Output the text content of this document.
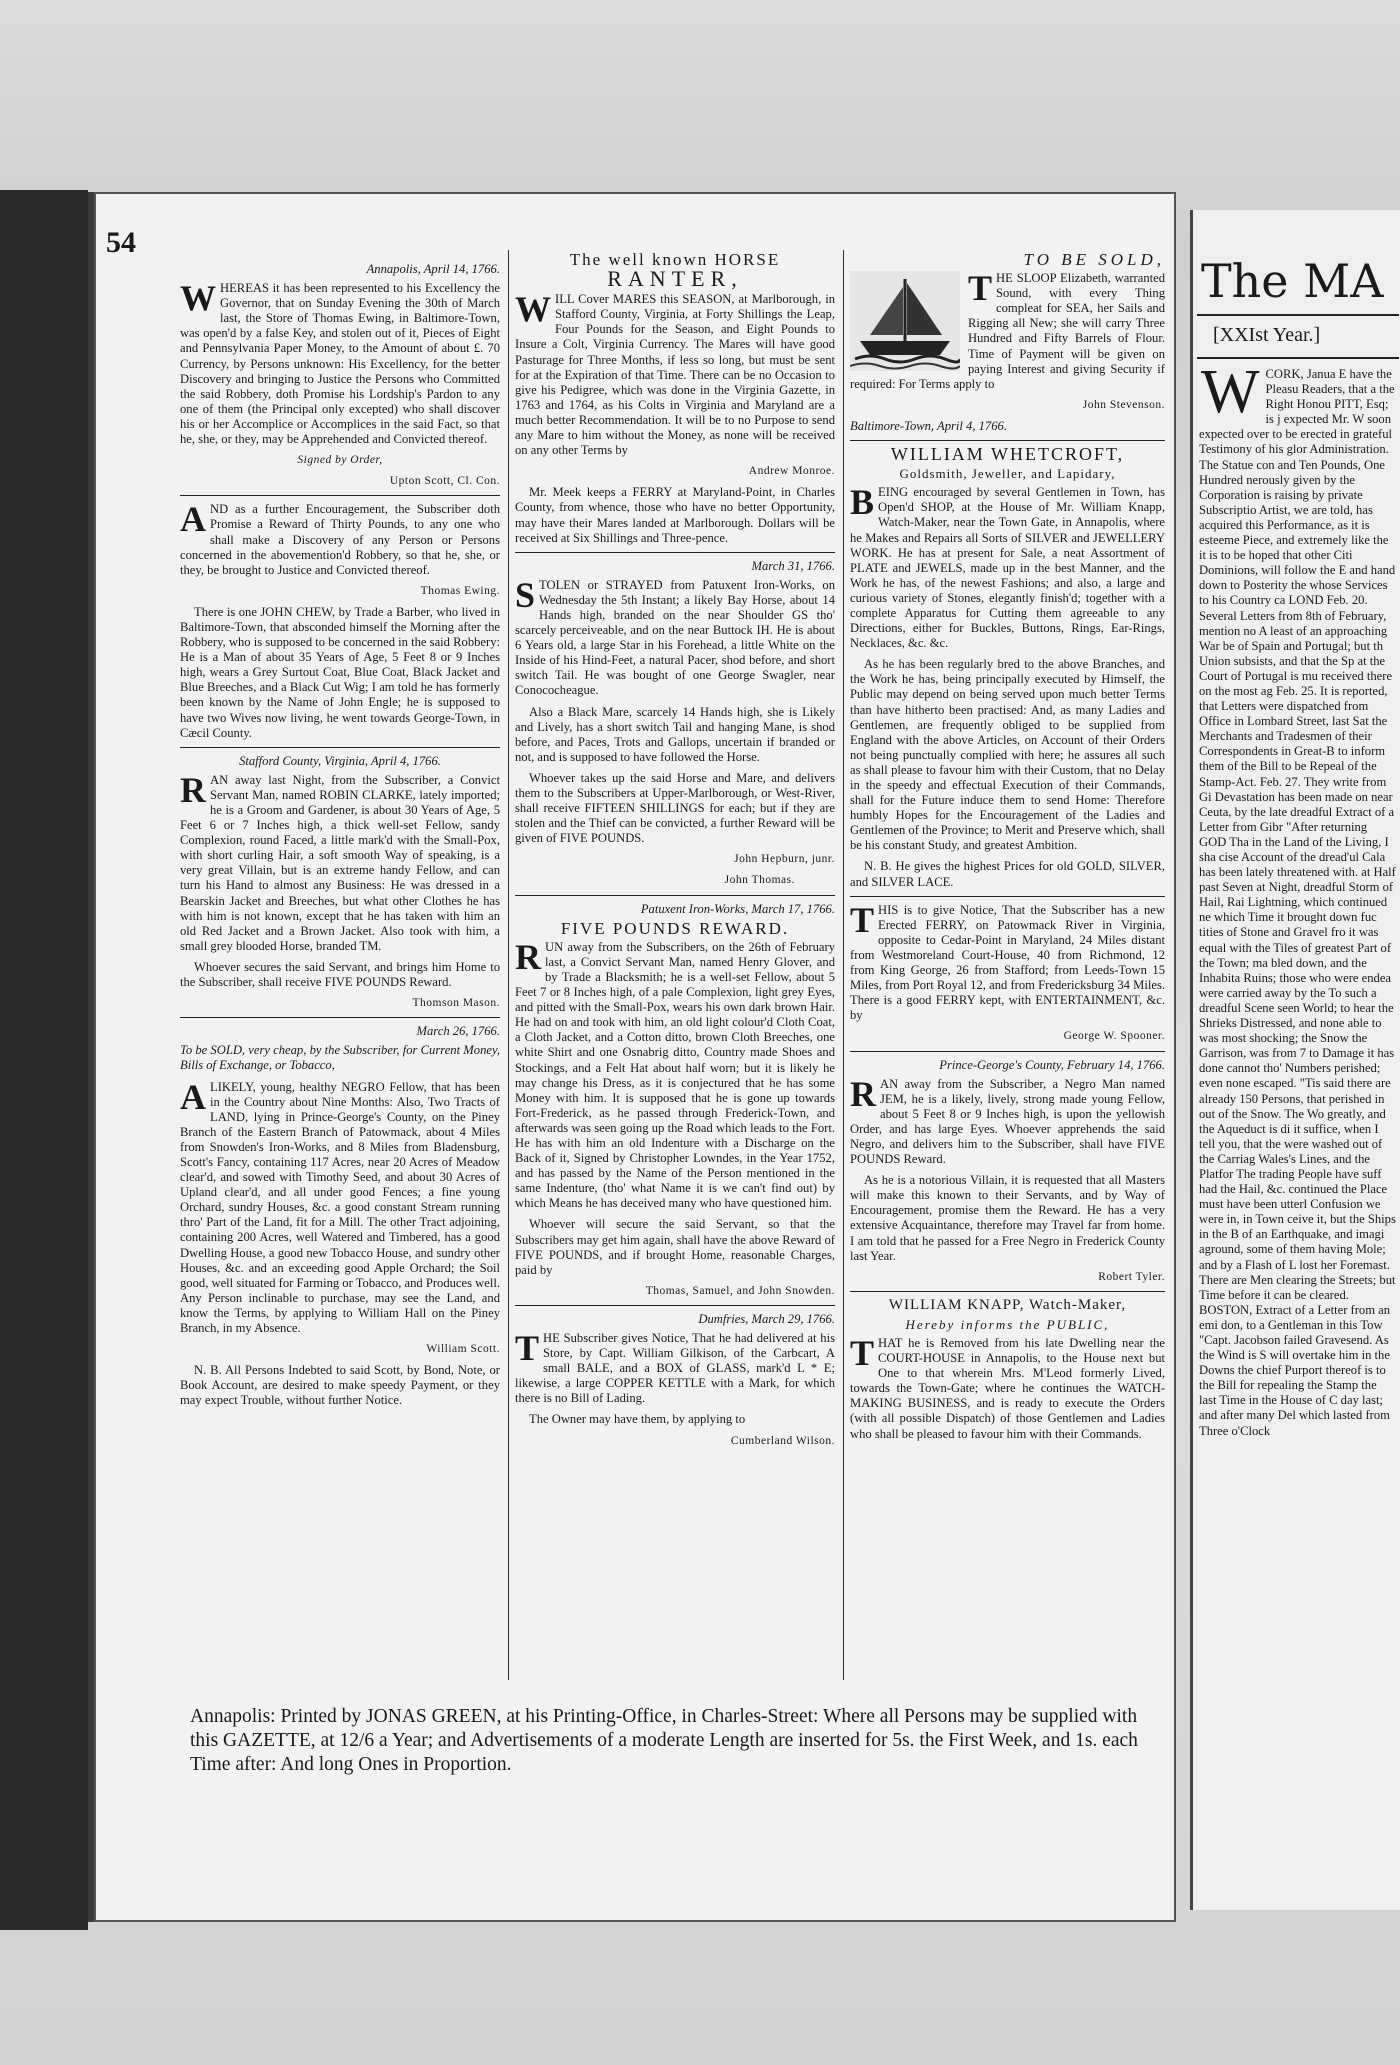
54
Annapolis, April 14, 1766.

WHEREAS it has been represented to his Excellency the Governor, that on Sunday Evening the 30th of March last, the Store of Thomas Ewing, in Baltimore-Town, was open'd by a false Key, and stolen out of it, Pieces of Eight and Pennsylvania Paper Money, to the Amount of about £. 70 Currency, by Persons unknown: His Excellency, for the better Discovery and bringing to Justice the Persons who Committed the said Robbery, doth Promise his Lordship's Pardon to any one of them (the Principal only excepted) who shall discover his or her Accomplice or Accomplices in the said Fact, so that he, she, or they, may be Apprehended and Convicted thereof.

Signed by Order,
Upton Scott, Cl. Con.

AND as a further Encouragement, the Subscriber doth Promise a Reward of Thirty Pounds, to any one who shall make a Discovery of any Person or Persons concerned in the abovemention'd Robbery, so that he, she, or they, be brought to Justice and Convicted thereof.

Thomas Ewing.

There is one JOHN CHEW, by Trade a Barber, who lived in Baltimore-Town, that absconded himself the Morning after the Robbery, who is supposed to be concerned in the said Robbery: He is a Man of about 35 Years of Age, 5 Feet 8 or 9 Inches high, wears a Grey Surtout Coat, Blue Coat, Black Jacket and Blue Breeches, and a Black Cut Wig; I am told he has formerly been known by the Name of John Engle; he is supposed to have two Wives now living, he went towards George-Town, in Cæcil County.

Stafford County, Virginia, April 4, 1766.

RAN away last Night, from the Subscriber, a Convict Servant Man, named ROBIN CLARKE, lately imported; he is a Groom and Gardener, is about 30 Years of Age, 5 Feet 6 or 7 Inches high, a thick well-set Fellow, sandy Complexion, round Faced, a little mark'd with the Small-Pox, with short curling Hair, a soft smooth Way of speaking, is a very great Villain, but is an extreme handy Fellow, and can turn his Hand to almost any Business: He was dressed in a Bearskin Jacket and Breeches, but what other Clothes he has with him is not known, except that he has taken with him an old Red Jacket and a Brown Jacket. Also took with him, a small grey blooded Horse, branded TM.

Whoever secures the said Servant, and brings him Home to the Subscriber, shall receive FIVE POUNDS Reward.

Thomson Mason.
March 26, 1766.

To be SOLD, very cheap, by the Subscriber, for Current Money, Bills of Exchange, or Tobacco,

ALIKELY, young, healthy NEGRO Fellow, that has been in the Country about Nine Months: Also, Two Tracts of LAND, lying in Prince-George's County, on the Piney Branch of the Eastern Branch of Patowmack, about 4 Miles from Snowden's Iron-Works, and 8 Miles from Bladensburg, Scott's Fancy, containing 117 Acres, near 20 Acres of Meadow clear'd, and sowed with Timothy Seed, and about 30 Acres of Upland clear'd, and all under good Fences; a fine young Orchard, sundry Houses, &c. a good constant Stream running thro' Part of the Land, fit for a Mill. The other Tract adjoining, containing 200 Acres, well Watered and Timbered, has a good Dwelling House, a good new Tobacco House, and sundry other Houses, &c. and an exceeding good Apple Orchard; the Soil good, well situated for Farming or Tobacco, and Produces well. Any Person inclinable to purchase, may see the Land, and know the Terms, by applying to William Hall on the Piney Branch, in my Absence.

William Scott.

N. B. All Persons Indebted to said Scott, by Bond, Note, or Book Account, are desired to make speedy Payment, or they may expect Trouble, without further Notice.

The well known HORSE
RANTER,

WILL Cover MARES this SEASON, at Marlborough, in Stafford County, Virginia, at Forty Shillings the Leap, Four Pounds for the Season, and Eight Pounds to Insure a Colt, Virginia Currency. The Mares will have good Pasturage for Three Months, if less so long, but must be sent for at the Expiration of that Time. There can be no Occasion to give his Pedigree, which was done in the Virginia Gazette, in 1763 and 1764, as his Colts in Virginia and Maryland are a much better Recommendation. It will be to no Purpose to send any Mare to him without the Money, as none will be received on any other Terms by

Andrew Monroe.

Mr. Meek keeps a FERRY at Maryland-Point, in Charles County, from whence, those who have no better Opportunity, may have their Mares landed at Marlborough. Dollars will be received at Six Shillings and Three-pence.

March 31, 1766.

STOLEN or STRAYED from Patuxent Iron-Works, on Wednesday the 5th Instant; a likely Bay Horse, about 14 Hands high, branded on the near Shoulder GS tho' scarcely perceiveable, and on the near Buttock IH. He is about 6 Years old, a large Star in his Forehead, a little White on the Inside of his Hind-Feet, a natural Pacer, shod before, and short switch Tail. He was bought of one George Swagler, near Conococheague.

Also a Black Mare, scarcely 14 Hands high, she is Likely and Lively, has a short switch Tail and hanging Mane, is shod before, and Paces, Trots and Gallops, uncertain if branded or not, and is supposed to have followed the Horse.

Whoever takes up the said Horse and Mare, and delivers them to the Subscribers at Upper-Marlborough, or West-River, shall receive FIFTEEN SHILLINGS for each; but if they are stolen and the Thief can be convicted, a further Reward will be given of FIVE POUNDS.

John Hepburn, junr.
John Thomas.
Patuxent Iron-Works, March 17, 1766.
FIVE POUNDS REWARD.

RUN away from the Subscribers, on the 26th of February last, a Convict Servant Man, named Henry Glover, and by Trade a Blacksmith; he is a well-set Fellow, about 5 Feet 7 or 8 Inches high, of a pale Complexion, light grey Eyes, and pitted with the Small-Pox, wears his own dark brown Hair. He had on and took with him, an old light colour'd Cloth Coat, a Cloth Jacket, and a Cotton ditto, brown Cloth Breeches, one white Shirt and one Osnabrig ditto, Country made Shoes and Stockings, and a Felt Hat about half worn; but it is likely he may change his Dress, as it is conjectured that he has some Money with him. It is supposed that he is gone up towards Fort-Frederick, as he passed through Frederick-Town, and afterwards was seen going up the Road which leads to the Fort. He has with him an old Indenture with a Discharge on the Back of it, Signed by Christopher Lowndes, in the Year 1752, and has passed by the Name of the Person mentioned in the same Indenture, (tho' what Name it is we can't find out) by which Means he has deceived many who have questioned him.

Whoever will secure the said Servant, so that the Subscribers may get him again, shall have the above Reward of FIVE POUNDS, and if brought Home, reasonable Charges, paid by

Thomas, Samuel, and John Snowden.
Dumfries, March 29, 1766.

THE Subscriber gives Notice, That he had delivered at his Store, by Capt. William Gilkison, of the Carbcart, A small BALE, and a BOX of GLASS, mark'd L * E; likewise, a large COPPER KETTLE with a Mark, for which there is no Bill of Lading.

The Owner may have them, by applying to

Cumberland Wilson.
TO BE SOLD,

THE SLOOP Elizabeth, warranted Sound, with every Thing compleat for SEA, her Sails and Rigging all New; she will carry Three Hundred and Fifty Barrels of Flour. Time of Payment will be given on paying Interest and giving Security if required: For Terms apply to

John Stevenson.

Baltimore-Town, April 4, 1766.

WILLIAM WHETCROFT,
Goldsmith, Jeweller, and Lapidary,

BEING encouraged by several Gentlemen in Town, has Open'd SHOP, at the House of Mr. William Knapp, Watch-Maker, near the Town Gate, in Annapolis, where he Makes and Repairs all Sorts of SILVER and JEWELLERY WORK. He has at present for Sale, a neat Assortment of PLATE and JEWELS, made up in the best Manner, and the Work he has, of the newest Fashions; and also, a large and curious variety of Stones, elegantly finish'd; together with a complete Apparatus for Cutting them agreeable to any Directions, either for Buckles, Buttons, Rings, Ear-Rings, Necklaces, &c. &c.

As he has been regularly bred to the above Branches, and the Work he has, being principally executed by Himself, the Public may depend on being served upon much better Terms than have hitherto been practised: And, as many Ladies and Gentlemen, are frequently obliged to be supplied from England with the above Articles, on Account of their Orders not being punctually complied with here; he assures all such as shall please to favour him with their Custom, that no Delay in the speedy and effectual Execution of their Commands, shall for the Future induce them to send Home: Therefore humbly Hopes for the Encouragement of the Ladies and Gentlemen of the Province; to Merit and Preserve which, shall be his constant Study, and greatest Ambition.

N. B. He gives the highest Prices for old GOLD, SILVER, and SILVER LACE.

THIS is to give Notice, That the Subscriber has a new Erected FERRY, on Patowmack River in Virginia, opposite to Cedar-Point in Maryland, 24 Miles distant from Westmoreland Court-House, 40 from Richmond, 12 from King George, 26 from Stafford; from Leeds-Town 15 Miles, from Port Royal 12, and from Fredericksburg 34 Miles. There is a good FERRY kept, with ENTERTAINMENT, &c. by

George W. Spooner.
Prince-George's County, February 14, 1766.

RAN away from the Subscriber, a Negro Man named JEM, he is a likely, lively, strong made young Fellow, about 5 Feet 8 or 9 Inches high, is upon the yellowish Order, and has large Eyes. Whoever apprehends the said Negro, and delivers him to the Subscriber, shall have FIVE POUNDS Reward.

As he is a notorious Villain, it is requested that all Masters will make this known to their Servants, and by Way of Encouragement, promise them the Reward. He has a very extensive Acquaintance, therefore may Travel far from home. I am told that he passed for a Free Negro in Frederick County last Year.

Robert Tyler.
WILLIAM KNAPP, Watch-Maker,
Hereby informs the PUBLIC,

THAT he is Removed from his late Dwelling near the COURT-HOUSE in Annapolis, to the House next but One to that wherein Mrs. M'Leod formerly Lived, towards the Town-Gate; where he continues the WATCH-MAKING BUSINESS, and is ready to execute the Orders (with all possible Dispatch) of those Gentlemen and Ladies who shall be pleased to favour him with their Commands.

Annapolis: Printed by JONAS GREEN, at his Printing-Office, in Charles-Street: Where all Persons may be supplied with this GAZETTE, at 12/6 a Year; and Advertisements of a moderate Length are inserted for 5s. the First Week, and 1s. each Time after: And long Ones in Proportion.
The MA
[XXIst Year.]
WCORK, Janua E have the Pleasu Readers, that a the Right Honou PITT, Esq; is j expected Mr. W soon expected over to be erected in grateful Testimony of his glor Administration. The Statue con and Ten Pounds, One Hundred nerously given by the Corporation is raising by private Subscriptio Artist, we are told, has acquired this Performance, as it is esteeme Piece, and extremely like the it is to be hoped that other Citi Dominions, will follow the E and hand down to Posterity the whose Services to his Country ca LOND Feb. 20. Several Letters from 8th of February, mention no A least of an approaching War be of Spain and Portugal; but th Union subsists, and that the Sp at the Court of Portugal is mu received there on the most ag Feb. 25. It is reported, that Letters were dispatched from Office in Lombard Street, last Sat the Merchants and Tradesmen of their Correspondents in Great-B to inform them of the Bill to be Repeal of the Stamp-Act. Feb. 27. They write from Gi Devastation has been made on near Ceuta, by the late dreadful Extract of a Letter from Gibr "After returning GOD Tha in the Land of the Living, I sha cise Account of the dread'ul Cala has been lately threatened with. at Half past Seven at Night, dreadful Storm of Hail, Rai Lightning, which continued ne which Time it brought down fuc tities of Stone and Gravel fro it was equal with the Tiles of greatest Part of the Town; ma bled down, and the Inhabita Ruins; those who were endea were carried away by the To such a dreadful Scene seen World; to hear the Shrieks Distressed, and none able to was most shocking; the Snow the Garrison, was from 7 to Damage it has done cannot tho' Numbers perished; even none escaped. "Tis said there are already 150 Persons, that perished in out of the Snow. The Wo greatly, and the Aqueduct is di it suffice, when I tell you, that the were washed out of the Carriag Wales's Lines, and the Platfor The trading People have suff had the Hail, &c. continued the Place must have been utterl Confusion we were in, in Town ceive it, but the Ships in the B of an Earthquake, and imagi aground, some of them having Mole; and by a Flash of L lost her Foremast. There are Men clearing the Streets; but Time before it can be cleared. BOSTON, Extract of a Letter from an emi don, to a Gentleman in this Tow "Capt. Jacobson failed Gravesend. As the Wind is S will overtake him in the Downs the chief Purport thereof is to the Bill for repealing the Stamp the last Time in the House of C day last; and after many Del which lasted from Three o'Clock
